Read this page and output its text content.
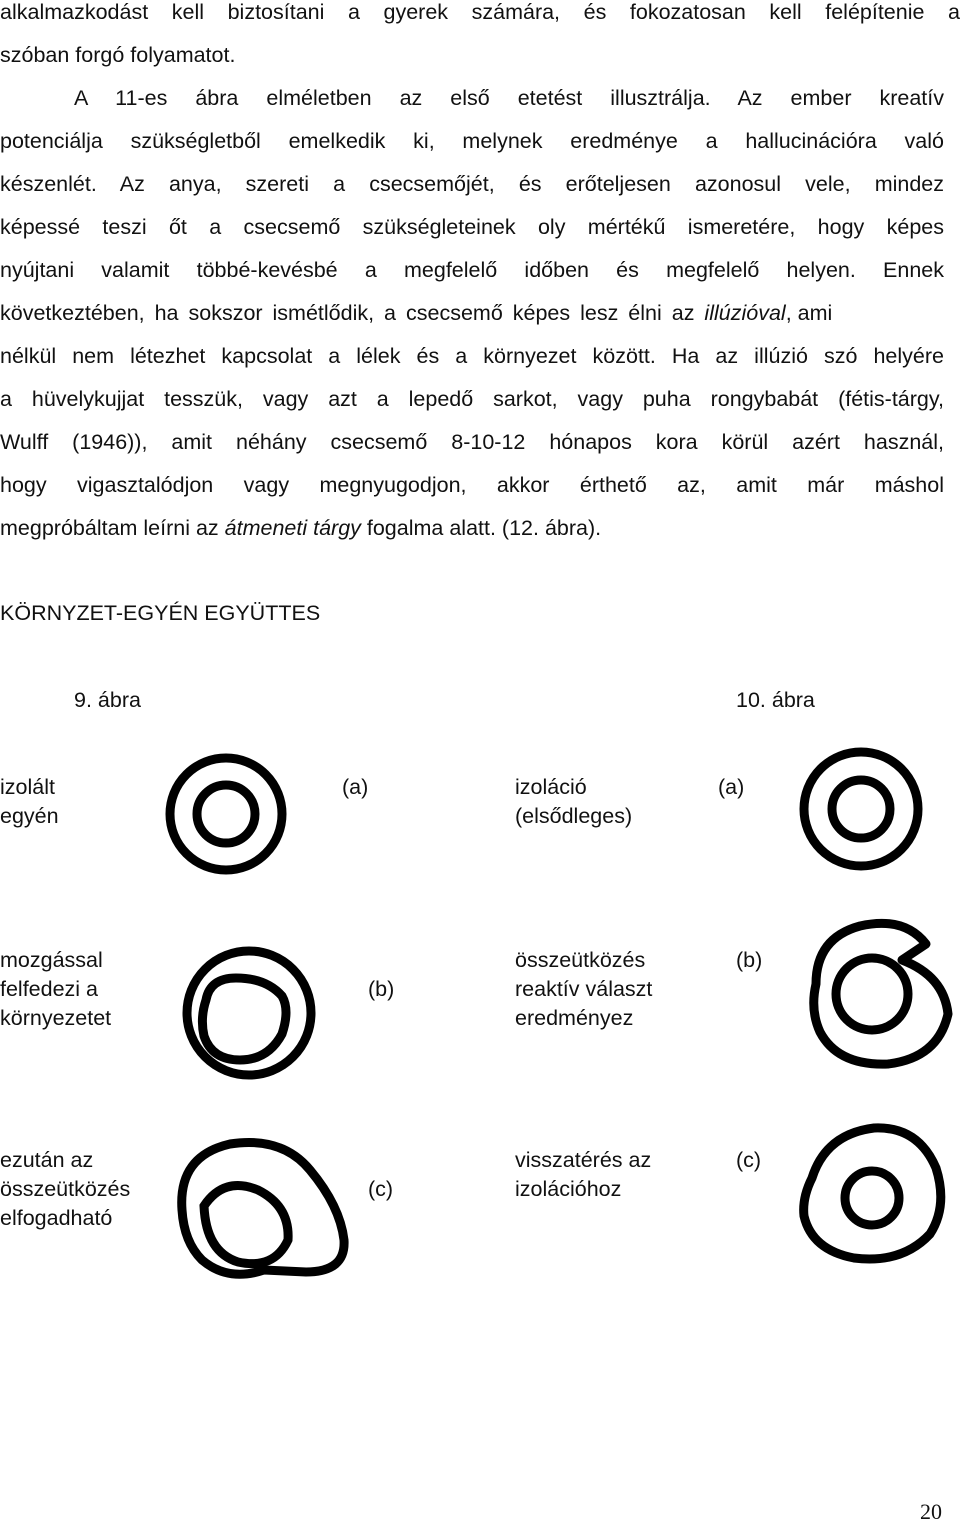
alkalmazkodást kell biztosítani a gyerek számára, és fokozatosan kell felépítenie a
szóban forgó folyamatot.
A 11-es ábra elméletben az első etetést illusztrálja. Az ember kreatív
potenciálja szükségletből emelkedik ki, melynek eredménye a hallucinációra való
készenlét. Az anya, szereti a csecsemőjét, és erőteljesen azonosul vele, mindez
képessé teszi őt a csecsemő szükségleteinek oly mértékű ismeretére, hogy képes
nyújtani valamit többé-kevésbé a megfelelő időben és megfelelő helyen. Ennek
következtében, ha sokszor ismétlődik, a csecsemő képes lesz élni az illúzióval , ami
nélkül nem létezhet kapcsolat a lélek és a környezet között. Ha az illúzió szó helyére
a hüvelykujjat tesszük, vagy azt a lepedő sarkot, vagy puha rongybabát (fétis-tárgy,
Wulff (1946)), amit néhány csecsemő 8-10-12 hónapos kora körül azért használ,
hogy vigasztalódjon vagy megnyugodjon, akkor érthető az, amit már máshol
megpróbáltam leírni az átmeneti tárgy fogalma alatt. (12. ábra).
KÖRNYZET-EGYÉN EGYÜTTES
9. ábra	10. ábra
izolált
egyén
(a)	izoláció
(elsődleges)
(a)
mozgással
felfedezi a
környezetet
(b)
összeütközés
reaktív választ
eredményez
(b)
ezután az
összeütközés
elfogadható
(c)
visszatérés az
izolációhoz
(c)
20
